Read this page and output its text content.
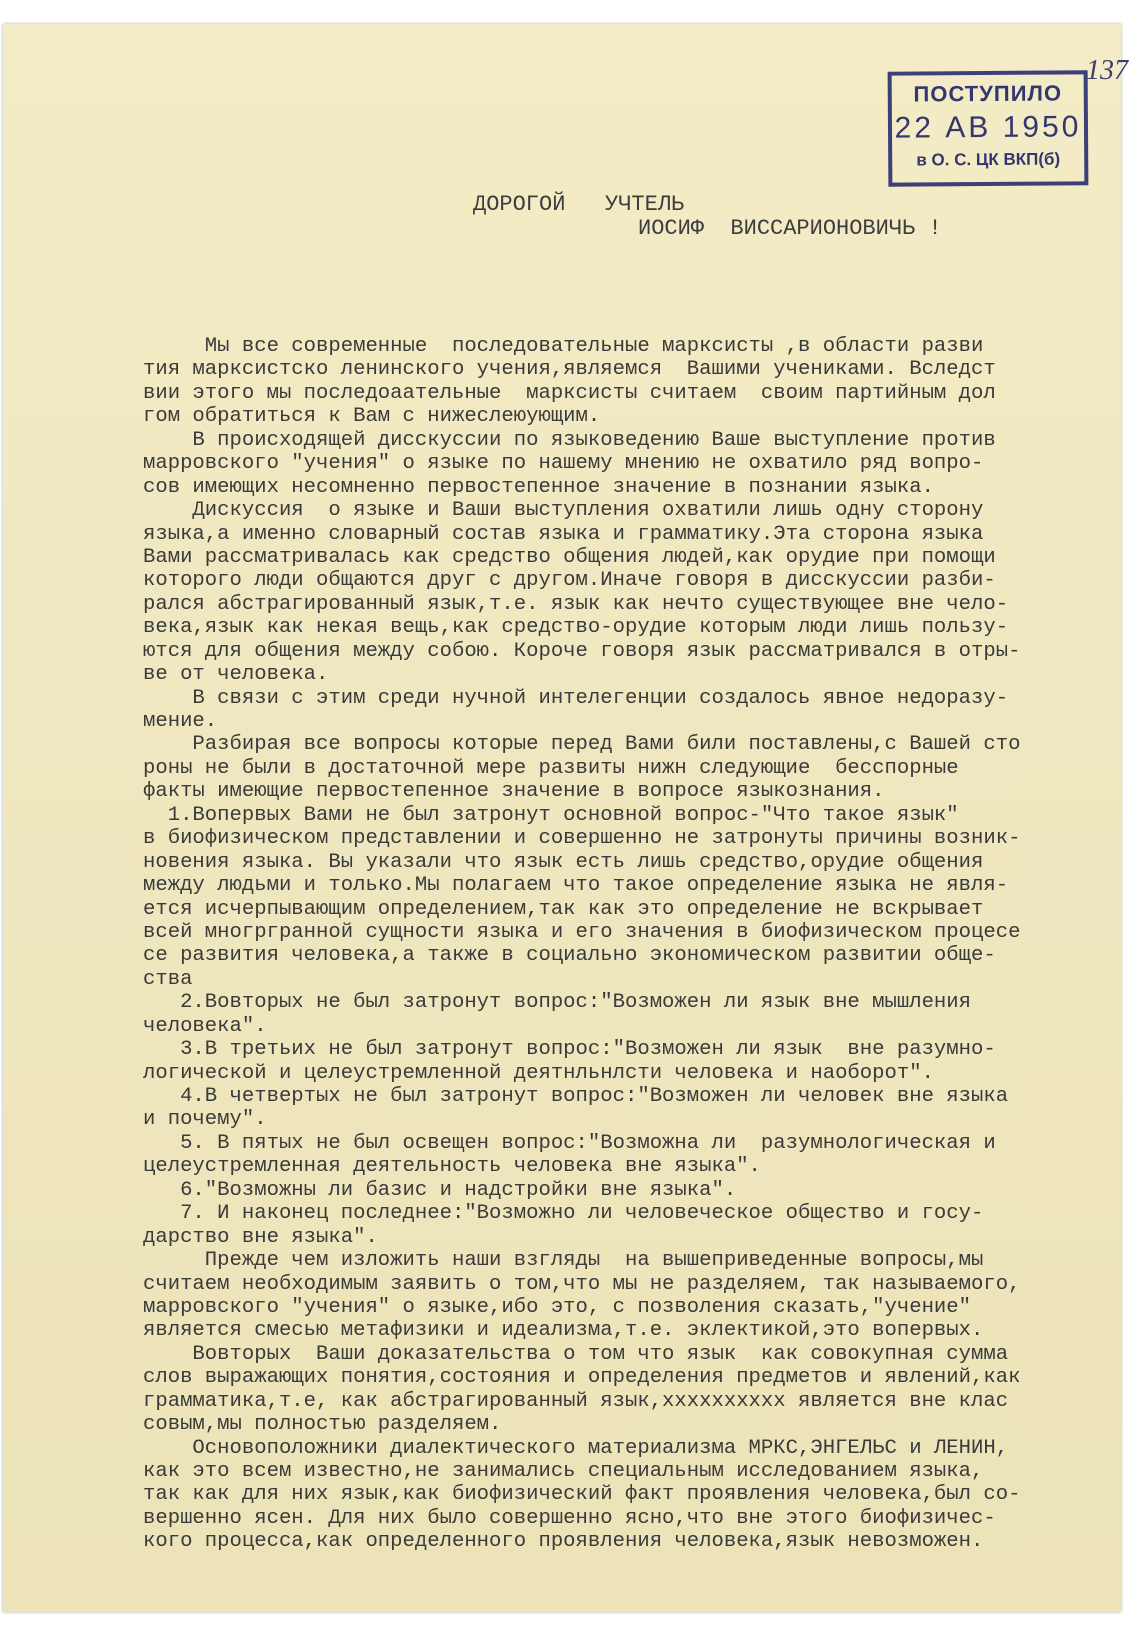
137
ПОСТУПИЛО
22 АВ 1950
в О. С. ЦК ВКП(б)
ДОРОГОЙ   УЧТЕЛЬ
ИОСИФ  ВИССАРИОНОВИЧЬ !
Мы все современные  последовательные марксисты ,в области разви
тия марксистско ленинского учения,являемся  Вашими учениками. Вследст
вии этого мы последоаательные  марксисты считаем  своим партийным дол
гом обратиться к Вам с нижеслеюующим.
В происходящей дисскуссии по языковедению Ваше выступление против
марровского "учения" о языке по нашему мнению не охватило ряд вопро-
сов имеющих несомненно первостепенное значение в познании языка.
Дискуссия  о языке и Ваши выступления охватили лишь одну сторону
языка,а именно словарный состав языка и грамматику.Эта сторона языка
Вами рассматривалась как средство общения людей,как орудие при помощи
которого люди общаются друг с другом.Иначе говоря в дисскуссии разби-
рался абстрагированный язык,т.е. язык как нечто существующее вне чело-
века,язык как некая вещь,как средство-орудие которым люди лишь пользу-
ются для общения между собою. Короче говоря язык рассматривался в отры-
ве от человека.
В связи с этим среди нучной интелегенции создалось явное недоразу-
мение.
Разбирая все вопросы которые перед Вами били поставлены,с Вашей сто
роны не были в достаточной мере развиты нижн следующие  бесспорные
факты имеющие первостепенное значение в вопросе языкознания.
1.Вопервых Вами не был затронут основной вопрос-"Что такое язык"
в биофизическом представлении и совершенно не затронуты причины возник-
новения языка. Вы указали что язык есть лишь средство,орудие общения
между людьми и только.Мы полагаем что такое определение языка не явля-
ется исчерпывающим определением,так как это определение не вскрывает
всей многргранной сущности языка и его значения в биофизическом процесе
се развития человека,а также в социально экономическом развитии обще-
ства
2.Вовторых не был затронут вопрос:"Возможен ли язык вне мышления
человека".
3.В третьих не был затронут вопрос:"Возможен ли язык  вне разумно-
логической и целеустремленной деятнльнлсти человека и наоборот".
4.В четвертых не был затронут вопрос:"Возможен ли человек вне языка
и почему".
5. В пятых не был освещен вопрос:"Возможна ли  разумнологическая и
целеустремленная деятельность человека вне языка".
6."Возможны ли базис и надстройки вне языка".
7. И наконец последнее:"Возможно ли человеческое общество и госу-
дарство вне языка".
Прежде чем изложить наши взгляды  на вышеприведенные вопросы,мы
считаем необходимым заявить о том,что мы не разделяем, так называемого,
марровского "учения" о языке,ибо это, с позволения сказать,"учение"
является смесью метафизики и идеализма,т.е. эклектикой,это вопервых.
Вовторых  Ваши доказательства о том что язык  как совокупная сумма
слов выражающих понятия,состояния и определения предметов и явлений,как
грамматика,т.е, как абстрагированный язык,xxxxxxxxxx является вне клас
совым,мы полностью разделяем.
Основоположники диалектического материализма МРКС,ЭНГЕЛЬС и ЛЕНИН,
как это всем известно,не занимались специальным исследованием языка,
так как для них язык,как биофизический факт проявления человека,был со-
вершенно ясен. Для них было совершенно ясно,что вне этого биофизичес-
кого процесса,как определенного проявления человека,язык невозможен.
